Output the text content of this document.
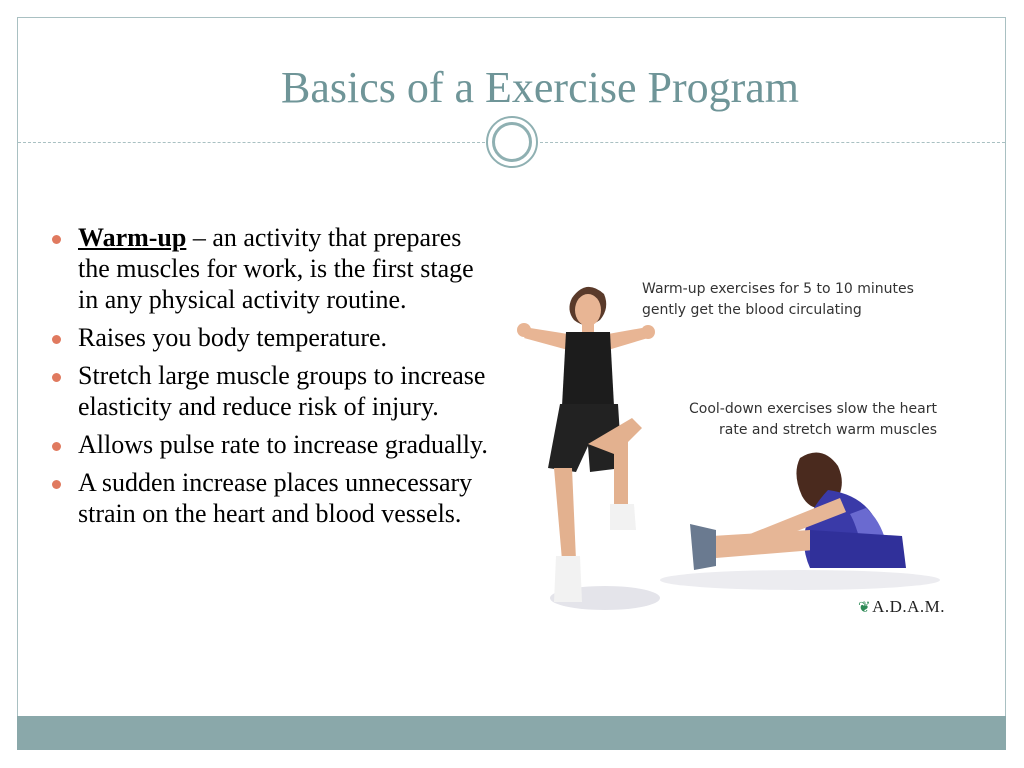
Basics of a Exercise Program
Warm-up – an activity that prepares the muscles for work, is the first stage in any physical activity routine.
Raises you body temperature.
Stretch large muscle groups to increase elasticity and reduce risk of injury.
Allows pulse rate to increase gradually.
A sudden increase places unnecessary strain on the heart and blood vessels.
Warm-up exercises for 5 to 10 minutes
gently get the blood circulating
Cool-down exercises slow the heart
rate and stretch warm muscles
❦A.D.A.M.
